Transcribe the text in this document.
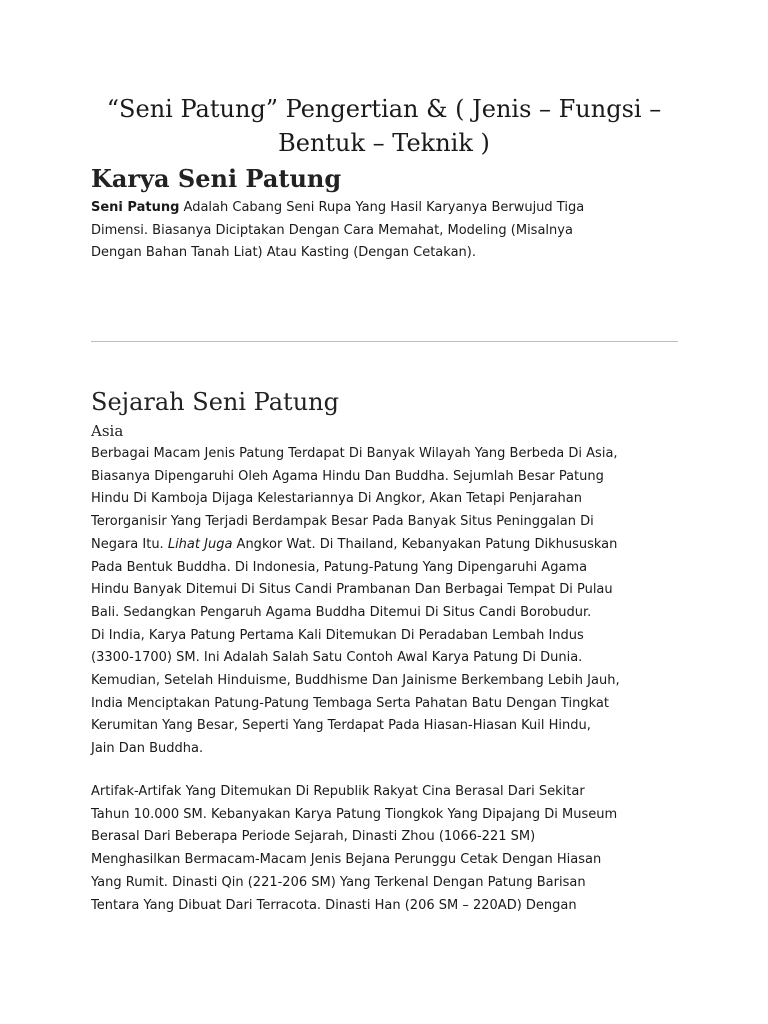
“Seni Patung” Pengertian & ( Jenis – Fungsi –
Bentuk – Teknik )
Karya Seni Patung

Seni Patung Adalah Cabang Seni Rupa Yang Hasil Karyanya Berwujud Tiga
Dimensi. Biasanya Diciptakan Dengan Cara Memahat, Modeling (Misalnya
Dengan Bahan Tanah Liat) Atau Kasting (Dengan Cetakan).

Sejarah Seni Patung
Asia

Berbagai Macam Jenis Patung Terdapat Di Banyak Wilayah Yang Berbeda Di Asia,
Biasanya Dipengaruhi Oleh Agama Hindu Dan Buddha. Sejumlah Besar Patung
Hindu Di Kamboja Dijaga Kelestariannya Di Angkor, Akan Tetapi Penjarahan
Terorganisir Yang Terjadi Berdampak Besar Pada Banyak Situs Peninggalan Di
Negara Itu. Lihat Juga Angkor Wat. Di Thailand, Kebanyakan Patung Dikhususkan
Pada Bentuk Buddha. Di Indonesia, Patung-Patung Yang Dipengaruhi Agama
Hindu Banyak Ditemui Di Situs Candi Prambanan Dan Berbagai Tempat Di Pulau
Bali. Sedangkan Pengaruh Agama Buddha Ditemui Di Situs Candi Borobudur.
Di India, Karya Patung Pertama Kali Ditemukan Di Peradaban Lembah Indus
(3300-1700) SM. Ini Adalah Salah Satu Contoh Awal Karya Patung Di Dunia.
Kemudian, Setelah Hinduisme, Buddhisme Dan Jainisme Berkembang Lebih Jauh,
India Menciptakan Patung-Patung Tembaga Serta Pahatan Batu Dengan Tingkat
Kerumitan Yang Besar, Seperti Yang Terdapat Pada Hiasan-Hiasan Kuil Hindu,
Jain Dan Buddha.

Artifak-Artifak Yang Ditemukan Di Republik Rakyat Cina Berasal Dari Sekitar
Tahun 10.000 SM. Kebanyakan Karya Patung Tiongkok Yang Dipajang Di Museum
Berasal Dari Beberapa Periode Sejarah, Dinasti Zhou (1066-221 SM)
Menghasilkan Bermacam-Macam Jenis Bejana Perunggu Cetak Dengan Hiasan
Yang Rumit. Dinasti Qin (221-206 SM) Yang Terkenal Dengan Patung Barisan
Tentara Yang Dibuat Dari Terracota. Dinasti Han (206 SM – 220AD) Dengan
